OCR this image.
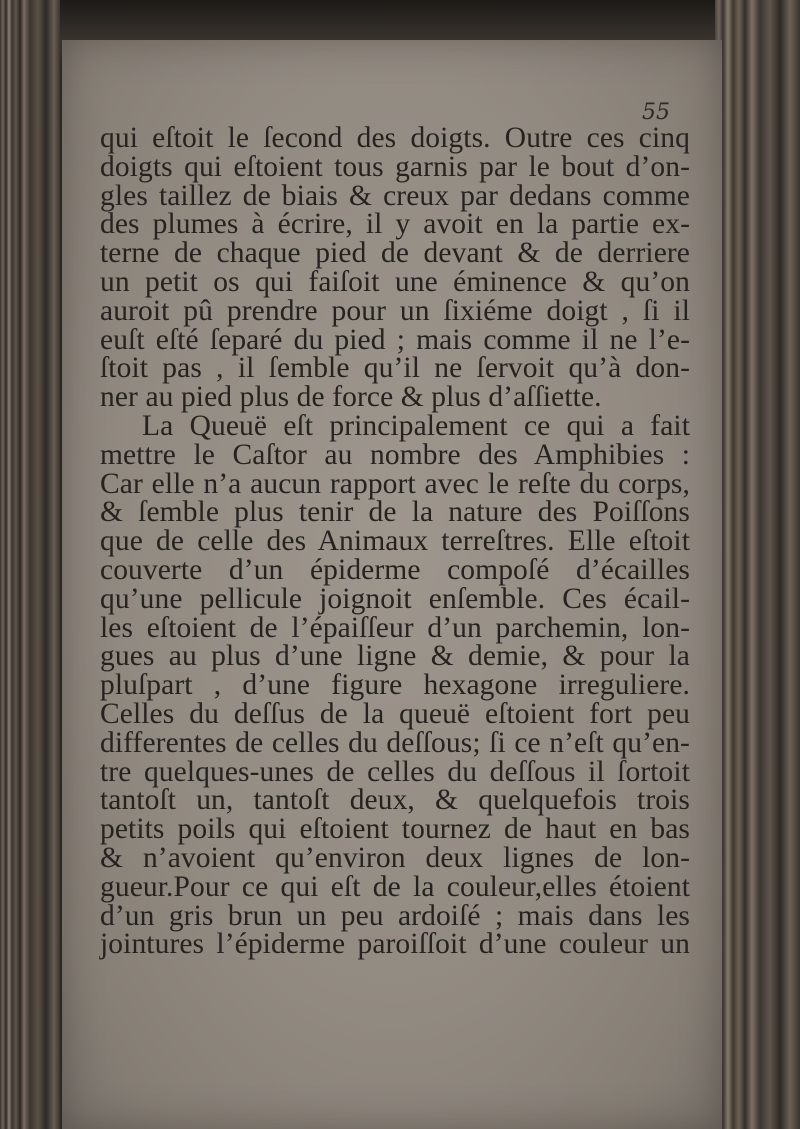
55
qui eſtoit le ſecond des doigts. Outre ces cinq
doigts qui eſtoient tous garnis par le bout d’on-
gles taillez de biais & creux par dedans comme
des plumes à écrire, il y avoit en la partie ex-
terne de chaque pied de devant & de derriere
un petit os qui faiſoit une éminence & qu’on
auroit pû prendre pour un ſixiéme doigt , ſi il
euſt eſté ſeparé du pied ; mais comme il ne l’e-
ſtoit pas , il ſemble qu’il ne ſervoit qu’à don-
ner au pied plus de force & plus d’aſſiette.
La Queuë eſt principalement ce qui a fait
mettre le Caſtor au nombre des Amphibies :
Car elle n’a aucun rapport avec le reſte du corps,
& ſemble plus tenir de la nature des Poiſſons
que de celle des Animaux terreſtres. Elle eſtoit
couverte d’un épiderme compoſé d’écailles
qu’une pellicule joignoit enſemble. Ces écail-
les eſtoient de l’épaiſſeur d’un parchemin, lon-
gues au plus d’une ligne & demie, & pour la
pluſpart , d’une figure hexagone irreguliere.
Celles du deſſus de la queuë eſtoient fort peu
differentes de celles du deſſous; ſi ce n’eſt qu’en-
tre quelques-unes de celles du deſſous il ſortoit
tantoſt un, tantoſt deux, & quelquefois trois
petits poils qui eſtoient tournez de haut en bas
& n’avoient qu’environ deux lignes de lon-
gueur.Pour ce qui eſt de la couleur,elles étoient
d’un gris brun un peu ardoiſé ; mais dans les
jointures l’épiderme paroiſſoit d’une couleur un
